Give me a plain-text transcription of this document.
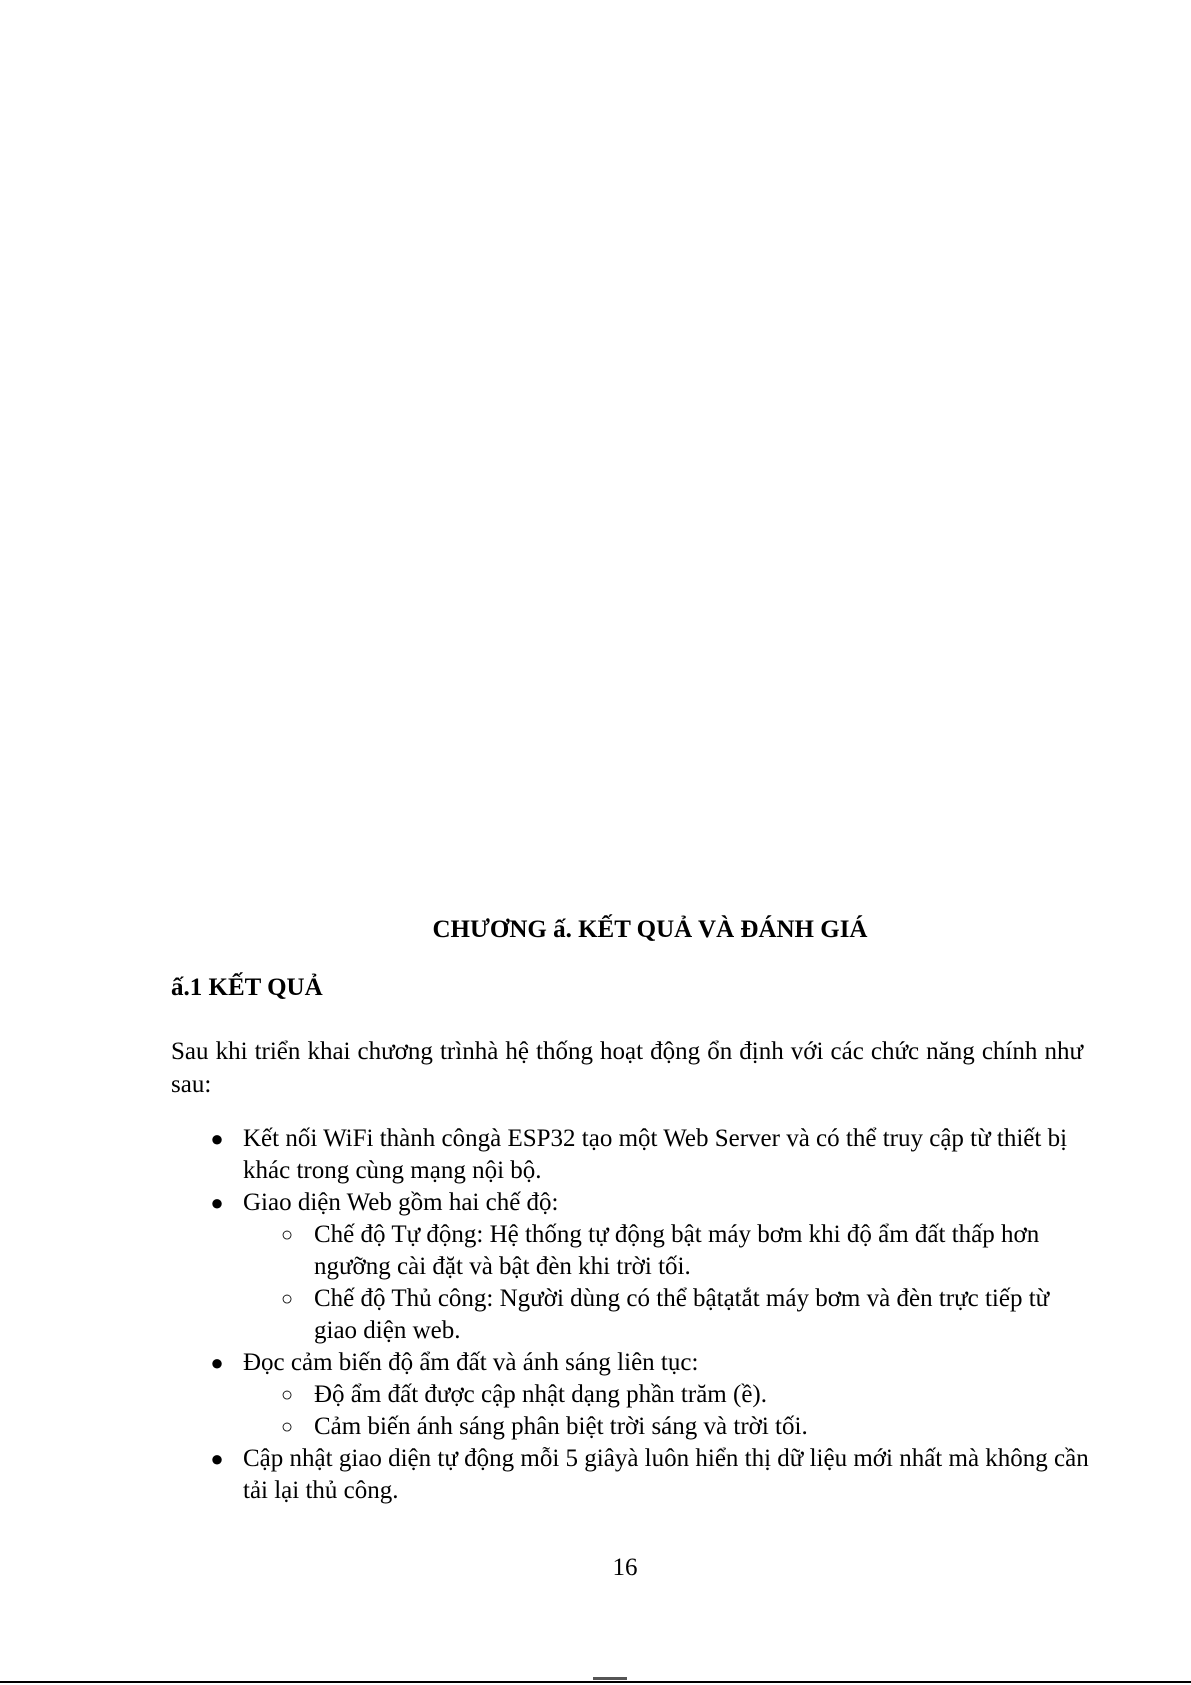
CHƯƠNG ấ. KẾT QUẢ VÀ ĐÁNH GIÁ
ấ.1 KẾT QUẢ

Sau khi triển khai chương trìnhà hệ thống hoạt động ổn định với các chức năng chính như sau:

● Kết nối WiFi thành côngà ESP32 tạo một Web Server và có thể truy cập từ thiết bị khác trong cùng mạng nội bộ.
● Giao diện Web gồm hai chế độ:
○ Chế độ Tự động: Hệ thống tự động bật máy bơm khi độ ẩm đất thấp hơn ngưỡng cài đặt và bật đèn khi trời tối.
○ Chế độ Thủ công: Người dùng có thể bậtạtắt máy bơm và đèn trực tiếp từ giao diện web.
● Đọc cảm biến độ ẩm đất và ánh sáng liên tục:
○ Độ ẩm đất được cập nhật dạng phần trăm (ề).
○ Cảm biến ánh sáng phân biệt trời sáng và trời tối.
● Cập nhật giao diện tự động mỗi 5 giâyà luôn hiển thị dữ liệu mới nhất mà không cần tải lại thủ công.
16
